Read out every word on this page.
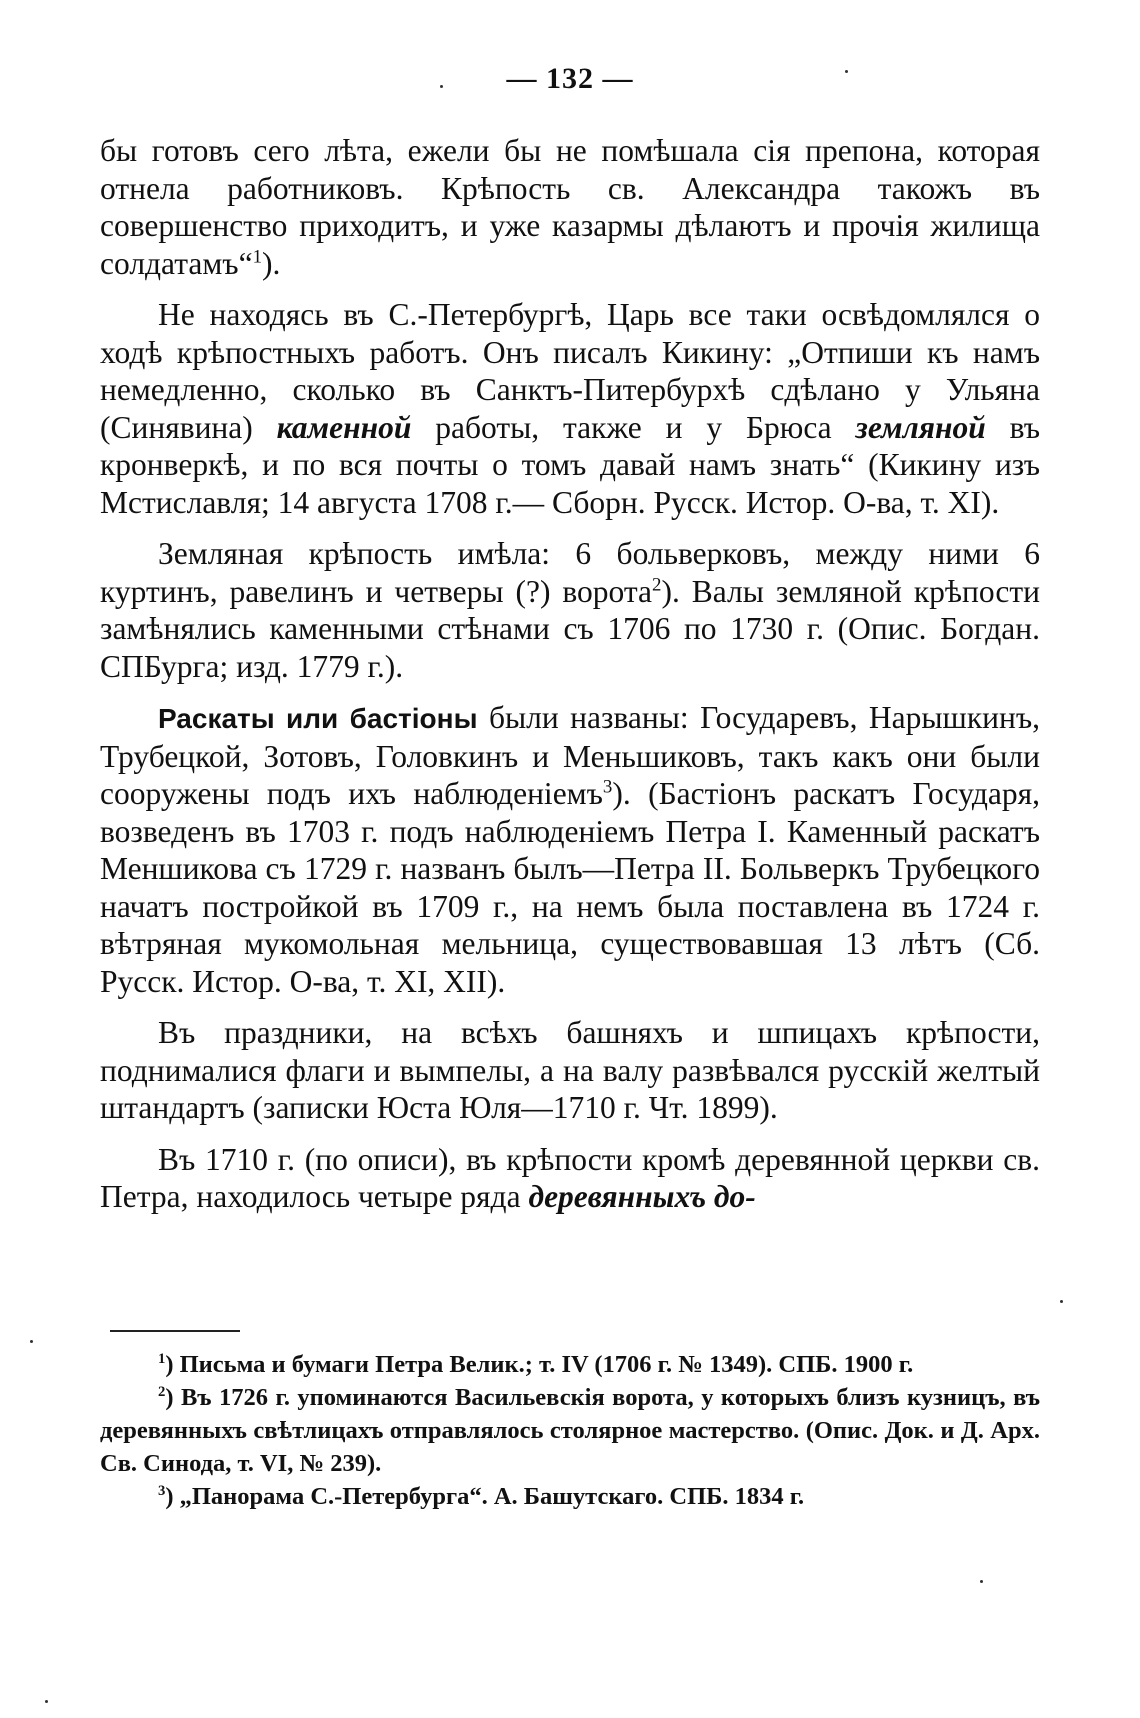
— 132 —

бы готовъ сего лѣта, ежели бы не помѣшала сія препона, которая отнела работниковъ. Крѣпость св. Александра такожъ въ совершенство приходитъ, и уже казармы дѣлаютъ и прочія жилища солдатамъ“$^1$).

Не находясь въ С.-Петербургѣ, Царь все таки освѣдомлялся о ходѣ крѣпостныхъ работъ. Онъ писалъ Кикину: „Отпиши къ намъ немедленно, сколько въ Санктъ-Питербурхѣ сдѣлано у Ульяна (Синявина) каменной работы, также и у Брюса земляной въ кронверкѣ, и по вся почты о томъ давай намъ знать“ (Кикину изъ Мстиславля; 14 августа 1708 г.— Сборн. Русск. Истор. О-ва, т. XI).

Земляная крѣпость имѣла: 6 больверковъ, между ними 6 куртинъ, равелинъ и четверы (?) ворота$^2$). Валы земляной крѣпости замѣнялись каменными стѣнами съ 1706 по 1730 г. (Опис. Богдан. СПБурга; изд. 1779 г.).

Раскаты или бастіоны были названы: Государевъ, Нарышкинъ, Трубецкой, Зотовъ, Головкинъ и Меньшиковъ, такъ какъ они были сооружены подъ ихъ наблюденіемъ$^3$). (Бастіонъ раскатъ Государя, возведенъ въ 1703 г. подъ наблюденіемъ Петра I. Каменный раскатъ Меншикова съ 1729 г. названъ былъ—Петра II. Больверкъ Трубецкого начатъ постройкой въ 1709 г., на немъ была поставлена въ 1724 г. вѣтряная мукомольная мельница, существовавшая 13 лѣтъ (Сб. Русск. Истор. О-ва, т. XI, XII).

Въ праздники, на всѣхъ башняхъ и шпицахъ крѣпости, поднималися флаги и вымпелы, а на валу развѣвался русскій желтый штандартъ (записки Юста Юля—1710 г. Чт. 1899).

Въ 1710 г. (по описи), въ крѣпости кромѣ деревянной церкви св. Петра, находилось четыре ряда деревянныхъ до-

$^1$) Письма и бумаги Петра Велик.; т. IV (1706 г. № 1349). СПБ. 1900 г.

$^2$) Въ 1726 г. упоминаются Васильевскія ворота, у которыхъ близъ кузницъ, въ деревянныхъ свѣтлицахъ отправлялось столярное мастерство. (Опис. Док. и Д. Арх. Св. Синода, т. VI, № 239).

$^3$) „Панорама С.-Петербурга“. А. Башутскаго. СПБ. 1834 г.
